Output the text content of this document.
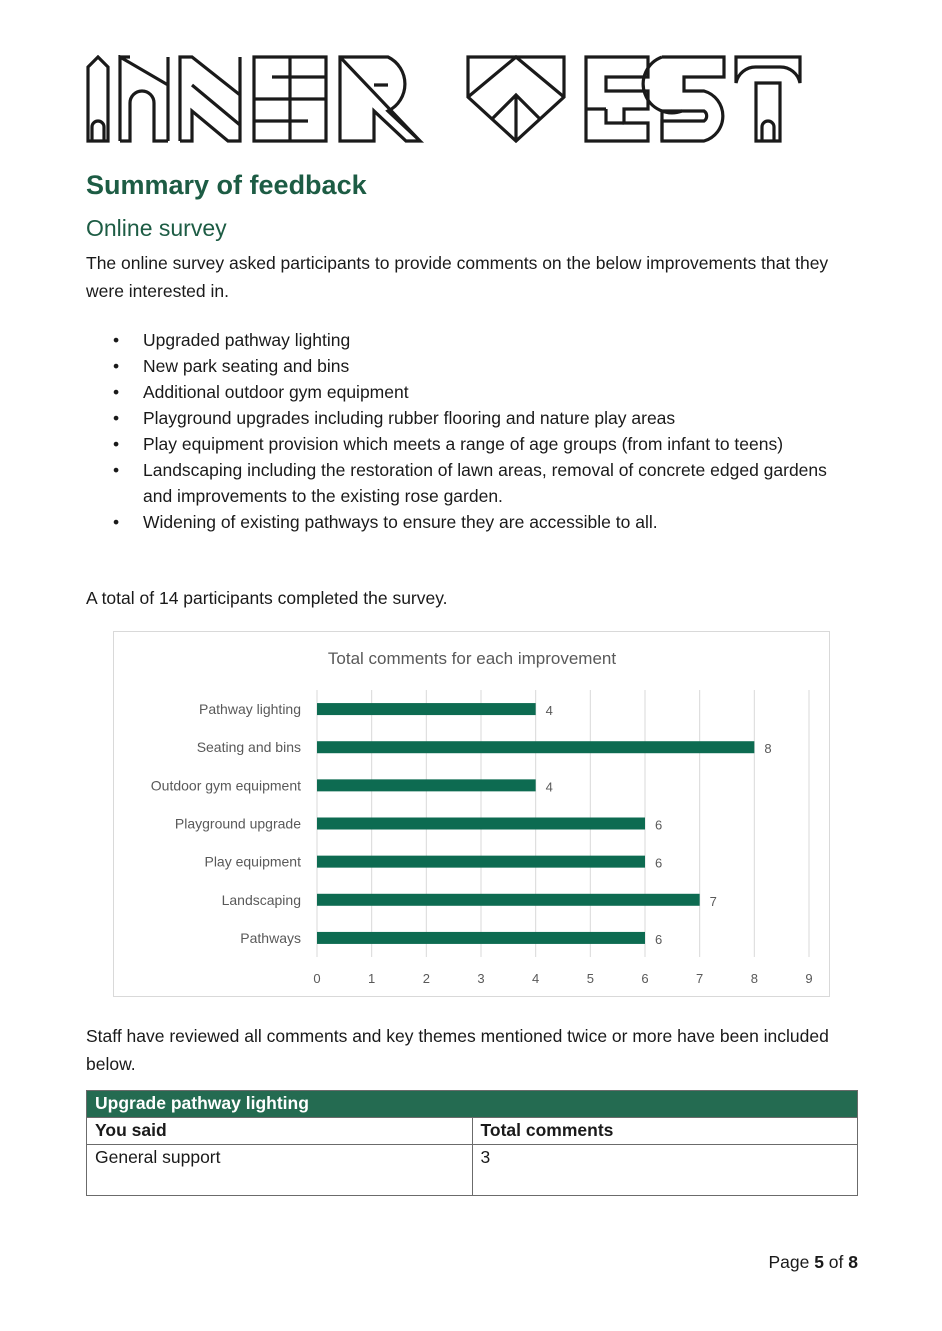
Summary of feedback
Online survey

The online survey asked participants to provide comments on the below improvements that they were interested in.

• Upgraded pathway lighting
• New park seating and bins
• Additional outdoor gym equipment
• Playground upgrades including rubber flooring and nature play areas
• Play equipment provision which meets a range of age groups (from infant to teens)
• Landscaping including the restoration of lawn areas, removal of concrete edged gardens and improvements to the existing rose garden.
• Widening of existing pathways to ensure they are accessible to all.

A total of 14 participants completed the survey.

Total comments for each improvement
0	1	2	3	4	5	6	7	8	9
Pathway lighting	4
Seating and bins	8
Outdoor gym equipment	4
Playground upgrade	6
Play equipment	6
Landscaping	7
Pathways	6

Staff have reviewed all comments and key themes mentioned twice or more have been included below.

Upgrade pathway lighting	
You said	Total comments
General support	3
Page 5 of 8
